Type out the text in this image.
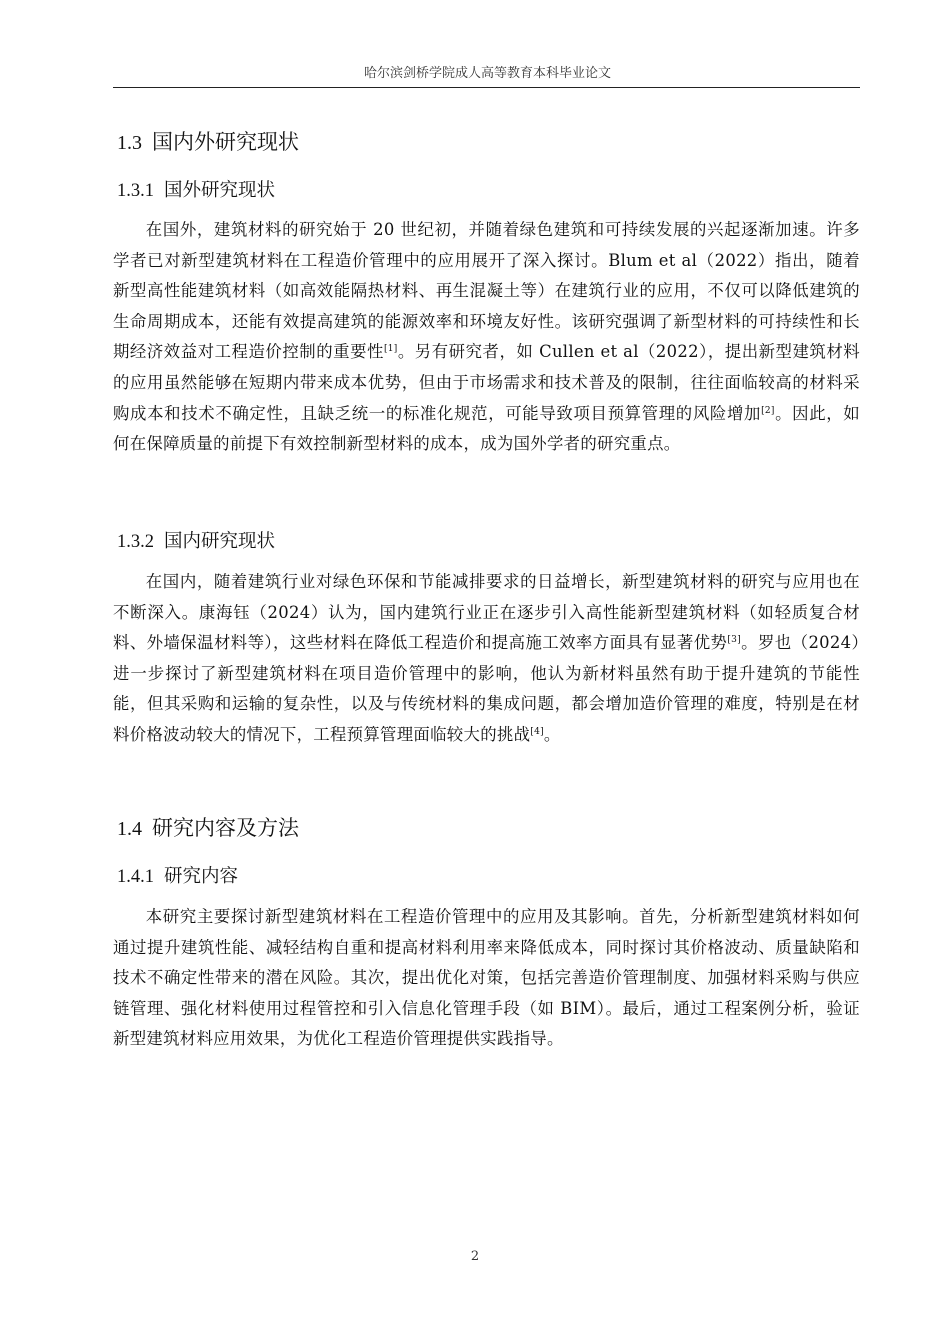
哈尔滨剑桥学院成人高等教育本科毕业论文
1.3 国内外研究现状
1.3.1 国外研究现状

在国外，建筑材料的研究始于 20 世纪初，并随着绿色建筑和可持续发展的兴起逐渐加速。许多学者已对新型建筑材料在工程造价管理中的应用展开了深入探讨。Blum et al（2022）指出，随着新型高性能建筑材料（如高效能隔热材料、再生混凝土等）在建筑行业的应用，不仅可以降低建筑的生命周期成本，还能有效提高建筑的能源效率和环境友好性。该研究强调了新型材料的可持续性和长期经济效益对工程造价控制的重要性[1]。另有研究者，如 Cullen et al（2022），提出新型建筑材料的应用虽然能够在短期内带来成本优势，但由于市场需求和技术普及的限制，往往面临较高的材料采购成本和技术不确定性，且缺乏统一的标准化规范，可能导致项目预算管理的风险增加[2]。因此，如何在保障质量的前提下有效控制新型材料的成本，成为国外学者的研究重点。

1.3.2 国内研究现状

在国内，随着建筑行业对绿色环保和节能减排要求的日益增长，新型建筑材料的研究与应用也在不断深入。康海钰（2024）认为，国内建筑行业正在逐步引入高性能新型建筑材料（如轻质复合材料、外墙保温材料等），这些材料在降低工程造价和提高施工效率方面具有显著优势[3]。罗也（2024）进一步探讨了新型建筑材料在项目造价管理中的影响，他认为新材料虽然有助于提升建筑的节能性能，但其采购和运输的复杂性，以及与传统材料的集成问题，都会增加造价管理的难度，特别是在材料价格波动较大的情况下，工程预算管理面临较大的挑战[4]。

1.4 研究内容及方法
1.4.1 研究内容

本研究主要探讨新型建筑材料在工程造价管理中的应用及其影响。首先，分析新型建筑材料如何通过提升建筑性能、减轻结构自重和提高材料利用率来降低成本，同时探讨其价格波动、质量缺陷和技术不确定性带来的潜在风险。其次，提出优化对策，包括完善造价管理制度、加强材料采购与供应链管理、强化材料使用过程管控和引入信息化管理手段（如 BIM）。最后，通过工程案例分析，验证新型建筑材料应用效果，为优化工程造价管理提供实践指导。

2
